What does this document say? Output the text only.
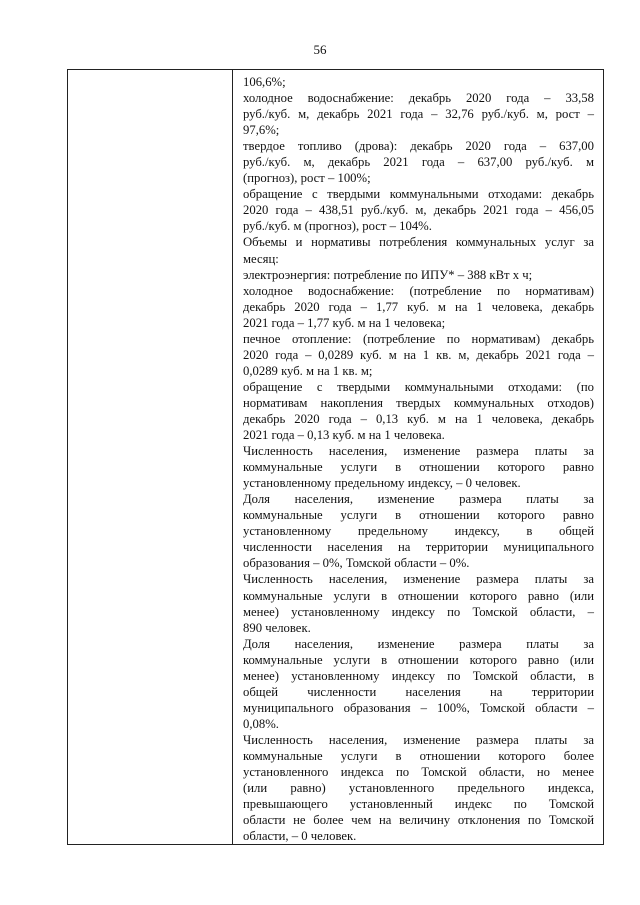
56
106,6%;
холодное водоснабжение: декабрь 2020 года – 33,58
руб./куб. м, декабрь 2021 года – 32,76 руб./куб. м, рост –
97,6%;
твердое топливо (дрова): декабрь 2020 года – 637,00
руб./куб. м, декабрь 2021 года – 637,00 руб./куб. м
(прогноз), рост – 100%;
обращение с твердыми коммунальными отходами: декабрь
2020 года – 438,51 руб./куб. м, декабрь 2021 года – 456,05
руб./куб. м (прогноз), рост – 104%.
Объемы и нормативы потребления коммунальных услуг за
месяц:
электроэнергия: потребление по ИПУ* – 388 кВт х ч;
холодное водоснабжение: (потребление по нормативам)
декабрь 2020 года – 1,77 куб. м на 1 человека, декабрь
2021 года – 1,77 куб. м на 1 человека;
печное отопление: (потребление по нормативам) декабрь
2020 года – 0,0289 куб. м на 1 кв. м, декабрь 2021 года –
0,0289 куб. м на 1 кв. м;
обращение с твердыми коммунальными отходами: (по
нормативам накопления твердых коммунальных отходов)
декабрь 2020 года – 0,13 куб. м на 1 человека, декабрь
2021 года – 0,13 куб. м на 1 человека.
Численность населения, изменение размера платы за
коммунальные услуги в отношении которого равно
установленному предельному индексу, – 0 человек.
Доля населения, изменение размера платы за
коммунальные услуги в отношении которого равно
установленному предельному индексу, в общей
численности населения на территории муниципального
образования – 0%, Томской области – 0%.
Численность населения, изменение размера платы за
коммунальные услуги в отношении которого равно (или
менее) установленному индексу по Томской области, –
890 человек.
Доля населения, изменение размера платы за
коммунальные услуги в отношении которого равно (или
менее) установленному индексу по Томской области, в
общей численности населения на территории
муниципального образования – 100%, Томской области –
0,08%.
Численность населения, изменение размера платы за
коммунальные услуги в отношении которого более
установленного индекса по Томской области, но менее
(или равно) установленного предельного индекса,
превышающего установленный индекс по Томской
области не более чем на величину отклонения по Томской
области, – 0 человек.
